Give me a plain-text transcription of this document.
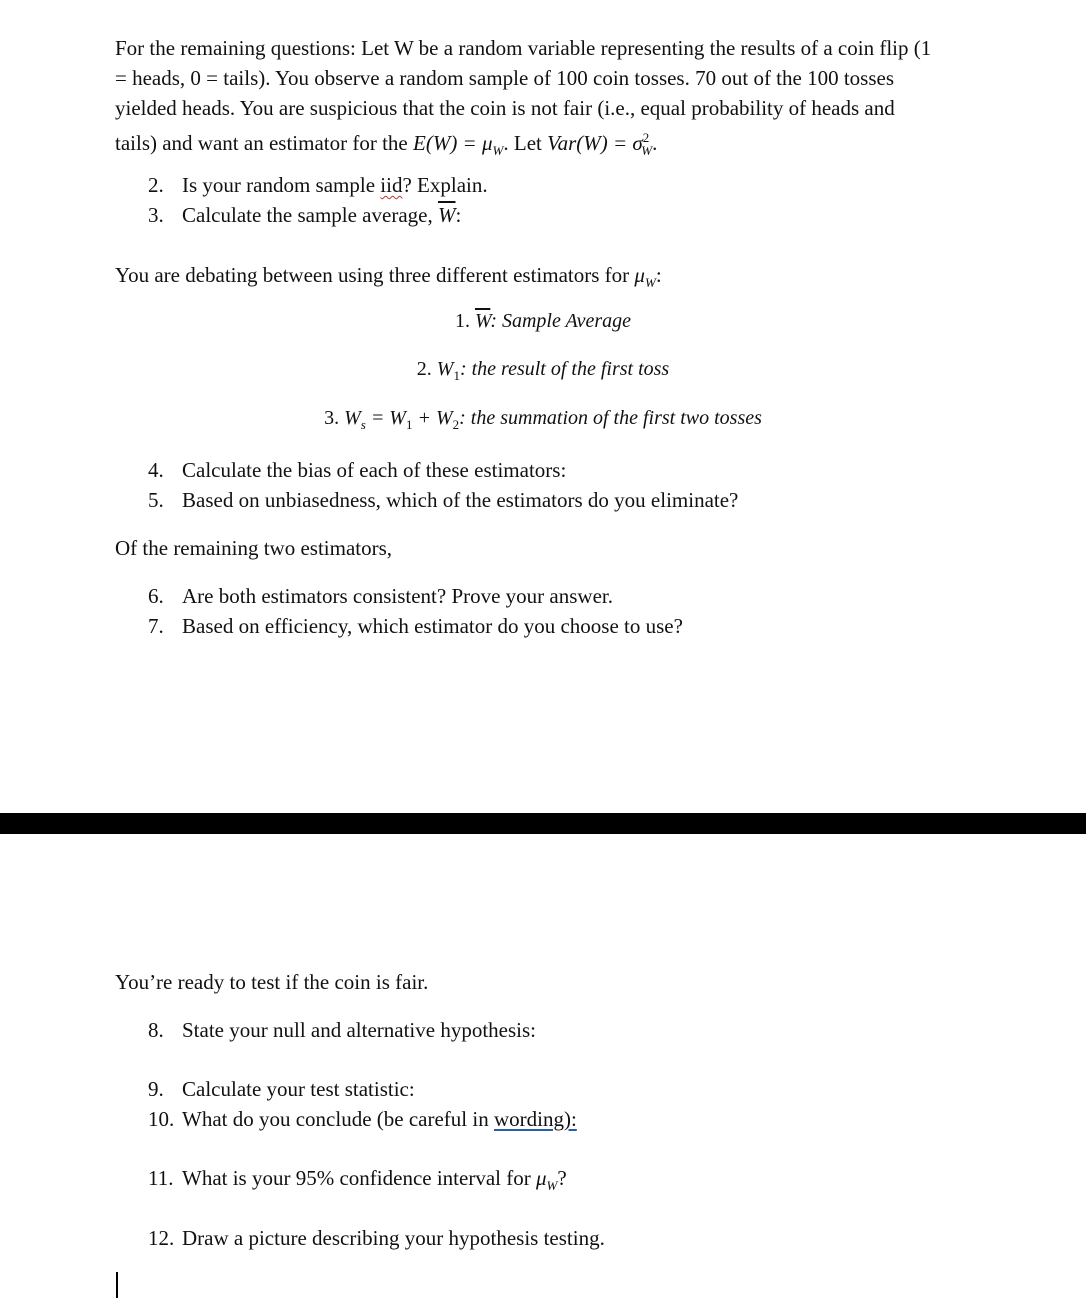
For the remaining questions: Let W be a random variable representing the results of a coin flip (1
= heads, 0 = tails). You observe a random sample of 100 coin tosses. 70 out of the 100 tosses
yielded heads. You are suspicious that the coin is not fair (i.e., equal probability of heads and
tails) and want an estimator for the $E(W) = \mu_W$. Let $Var(W) = \sigma^2_W$.
2. Is your random sample iid? Explain.
3. Calculate the sample average, $\overline{W}$:
You are debating between using three different estimators for $\mu_W$:
1. $\overline{W}$: Sample Average
2. $W_1$: the result of the first toss
3. $W_s = W_1 + W_2$: the summation of the first two tosses
4. Calculate the bias of each of these estimators:
5. Based on unbiasedness, which of the estimators do you eliminate?
Of the remaining two estimators,
6. Are both estimators consistent? Prove your answer.
7. Based on efficiency, which estimator do you choose to use?
You’re ready to test if the coin is fair.
8. State your null and alternative hypothesis:
9. Calculate your test statistic:
10. What do you conclude (be careful in wording):
11. What is your 95% confidence interval for $\mu_W$?
12. Draw a picture describing your hypothesis testing.
